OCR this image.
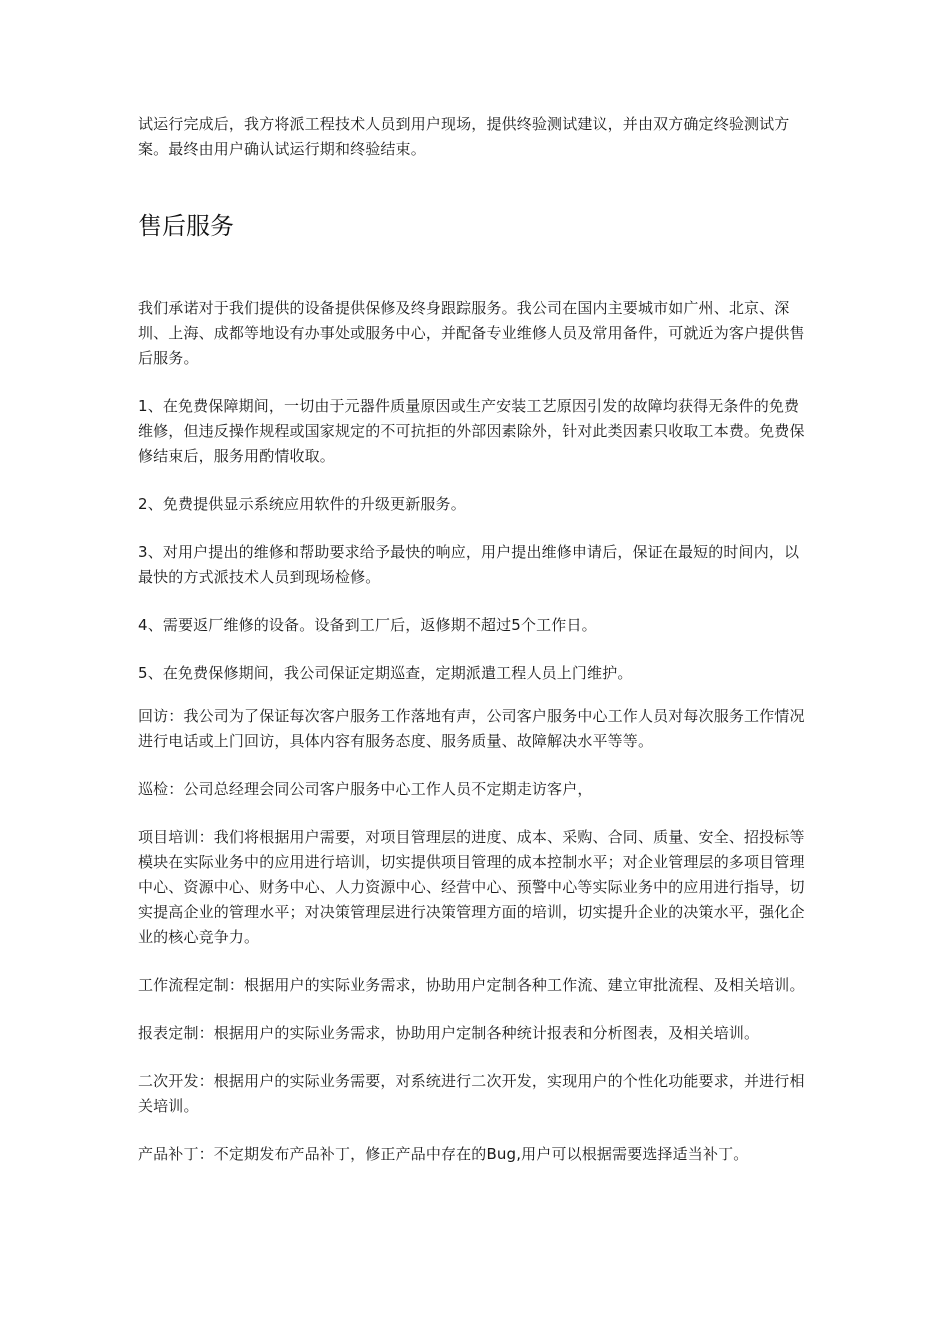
试运行完成后，我方将派工程技术人员到用户现场，提供终验测试建议，并由双方确定终验测试方案。最终由用户确认试运行期和终验结束。

售后服务

我们承诺对于我们提供的设备提供保修及终身跟踪服务。我公司在国内主要城市如广州、北京、深圳、上海、成都等地设有办事处或服务中心，并配备专业维修人员及常用备件，可就近为客户提供售后服务。

1、在免费保障期间，一切由于元器件质量原因或生产安装工艺原因引发的故障均获得无条件的免费维修，但违反操作规程或国家规定的不可抗拒的外部因素除外，针对此类因素只收取工本费。免费保修结束后，服务用酌情收取。

2、免费提供显示系统应用软件的升级更新服务。

3、对用户提出的维修和帮助要求给予最快的响应，用户提出维修申请后，保证在最短的时间内，以最快的方式派技术人员到现场检修。

4、需要返厂维修的设备。设备到工厂后，返修期不超过5个工作日。

5、在免费保修期间，我公司保证定期巡查，定期派遣工程人员上门维护。

回访：我公司为了保证每次客户服务工作落地有声，公司客户服务中心工作人员对每次服务工作情况进行电话或上门回访，具体内容有服务态度、服务质量、故障解决水平等等。

巡检：公司总经理会同公司客户服务中心工作人员不定期走访客户，

项目培训：我们将根据用户需要，对项目管理层的进度、成本、采购、合同、质量、安全、招投标等模块在实际业务中的应用进行培训，切实提供项目管理的成本控制水平；对企业管理层的多项目管理中心、资源中心、财务中心、人力资源中心、经营中心、预警中心等实际业务中的应用进行指导，切实提高企业的管理水平；对决策管理层进行决策管理方面的培训，切实提升企业的决策水平，强化企业的核心竞争力。

工作流程定制：根据用户的实际业务需求，协助用户定制各种工作流、建立审批流程、及相关培训。

报表定制：根据用户的实际业务需求，协助用户定制各种统计报表和分析图表，及相关培训。

二次开发：根据用户的实际业务需要，对系统进行二次开发，实现用户的个性化功能要求，并进行相关培训。

产品补丁：不定期发布产品补丁，修正产品中存在的Bug,用户可以根据需要选择适当补丁。
